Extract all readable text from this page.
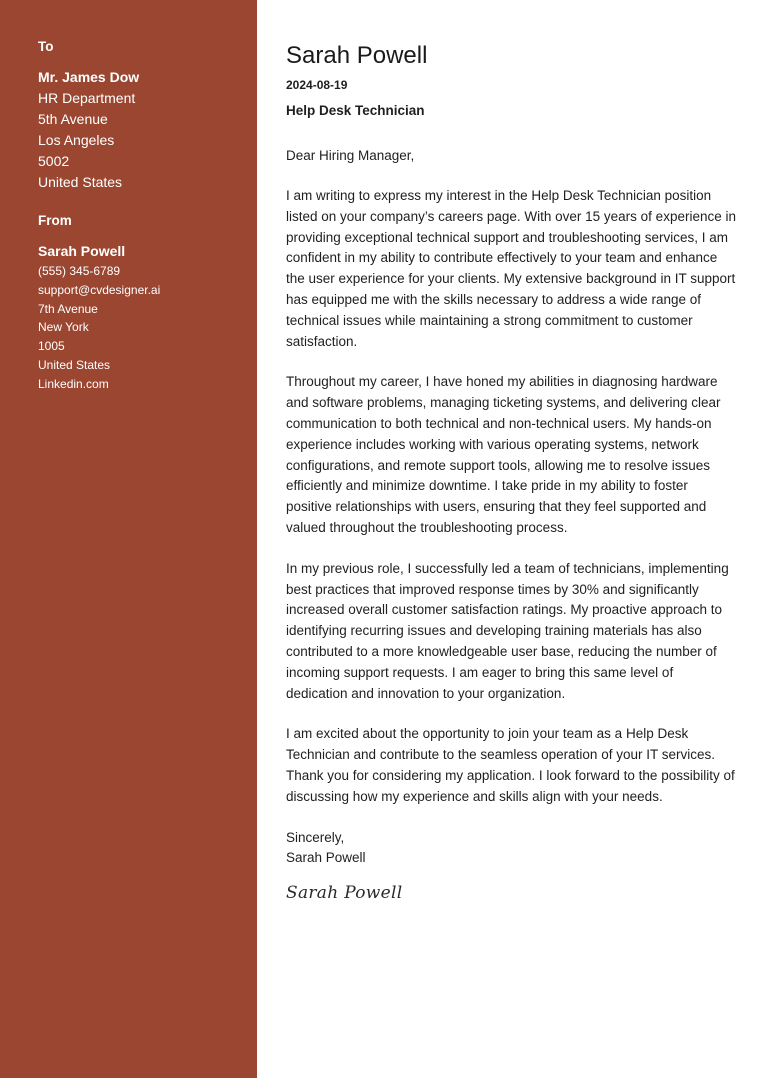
To
Mr. James Dow
HR Department
5th Avenue
Los Angeles
5002
United States
From
Sarah Powell
(555) 345-6789
support@cvdesigner.ai
7th Avenue
New York
1005
United States
Linkedin.com
Sarah Powell
2024-08-19
Help Desk Technician
Dear Hiring Manager,
I am writing to express my interest in the Help Desk Technician position listed on your company’s careers page. With over 15 years of experience in providing exceptional technical support and troubleshooting services, I am confident in my ability to contribute effectively to your team and enhance the user experience for your clients. My extensive background in IT support has equipped me with the skills necessary to address a wide range of technical issues while maintaining a strong commitment to customer satisfaction.
Throughout my career, I have honed my abilities in diagnosing hardware and software problems, managing ticketing systems, and delivering clear communication to both technical and non-technical users. My hands-on experience includes working with various operating systems, network configurations, and remote support tools, allowing me to resolve issues efficiently and minimize downtime. I take pride in my ability to foster positive relationships with users, ensuring that they feel supported and valued throughout the troubleshooting process.
In my previous role, I successfully led a team of technicians, implementing best practices that improved response times by 30% and significantly increased overall customer satisfaction ratings. My proactive approach to identifying recurring issues and developing training materials has also contributed to a more knowledgeable user base, reducing the number of incoming support requests. I am eager to bring this same level of dedication and innovation to your organization.
I am excited about the opportunity to join your team as a Help Desk Technician and contribute to the seamless operation of your IT services. Thank you for considering my application. I look forward to the possibility of discussing how my experience and skills align with your needs.
Sincerely,
Sarah Powell
Sarah Powell
